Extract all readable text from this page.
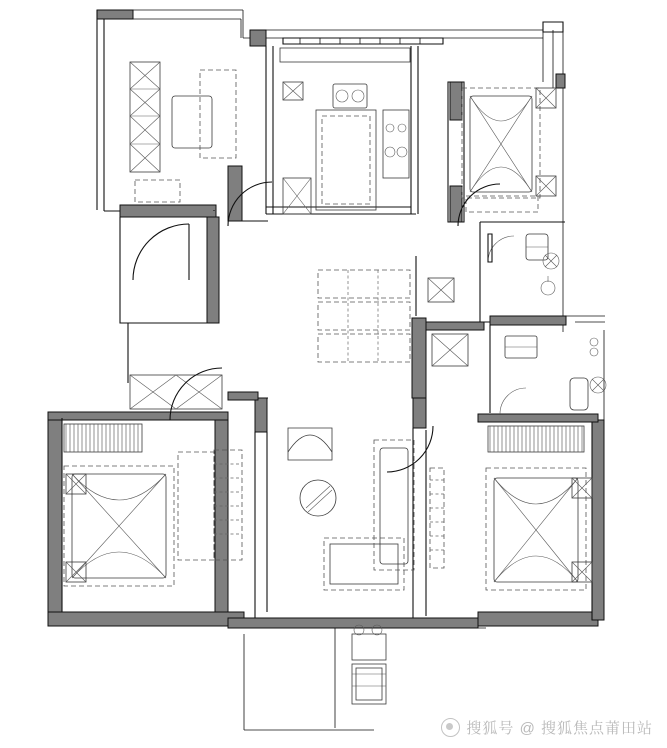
搜狐号 @ 搜狐焦点莆田站
